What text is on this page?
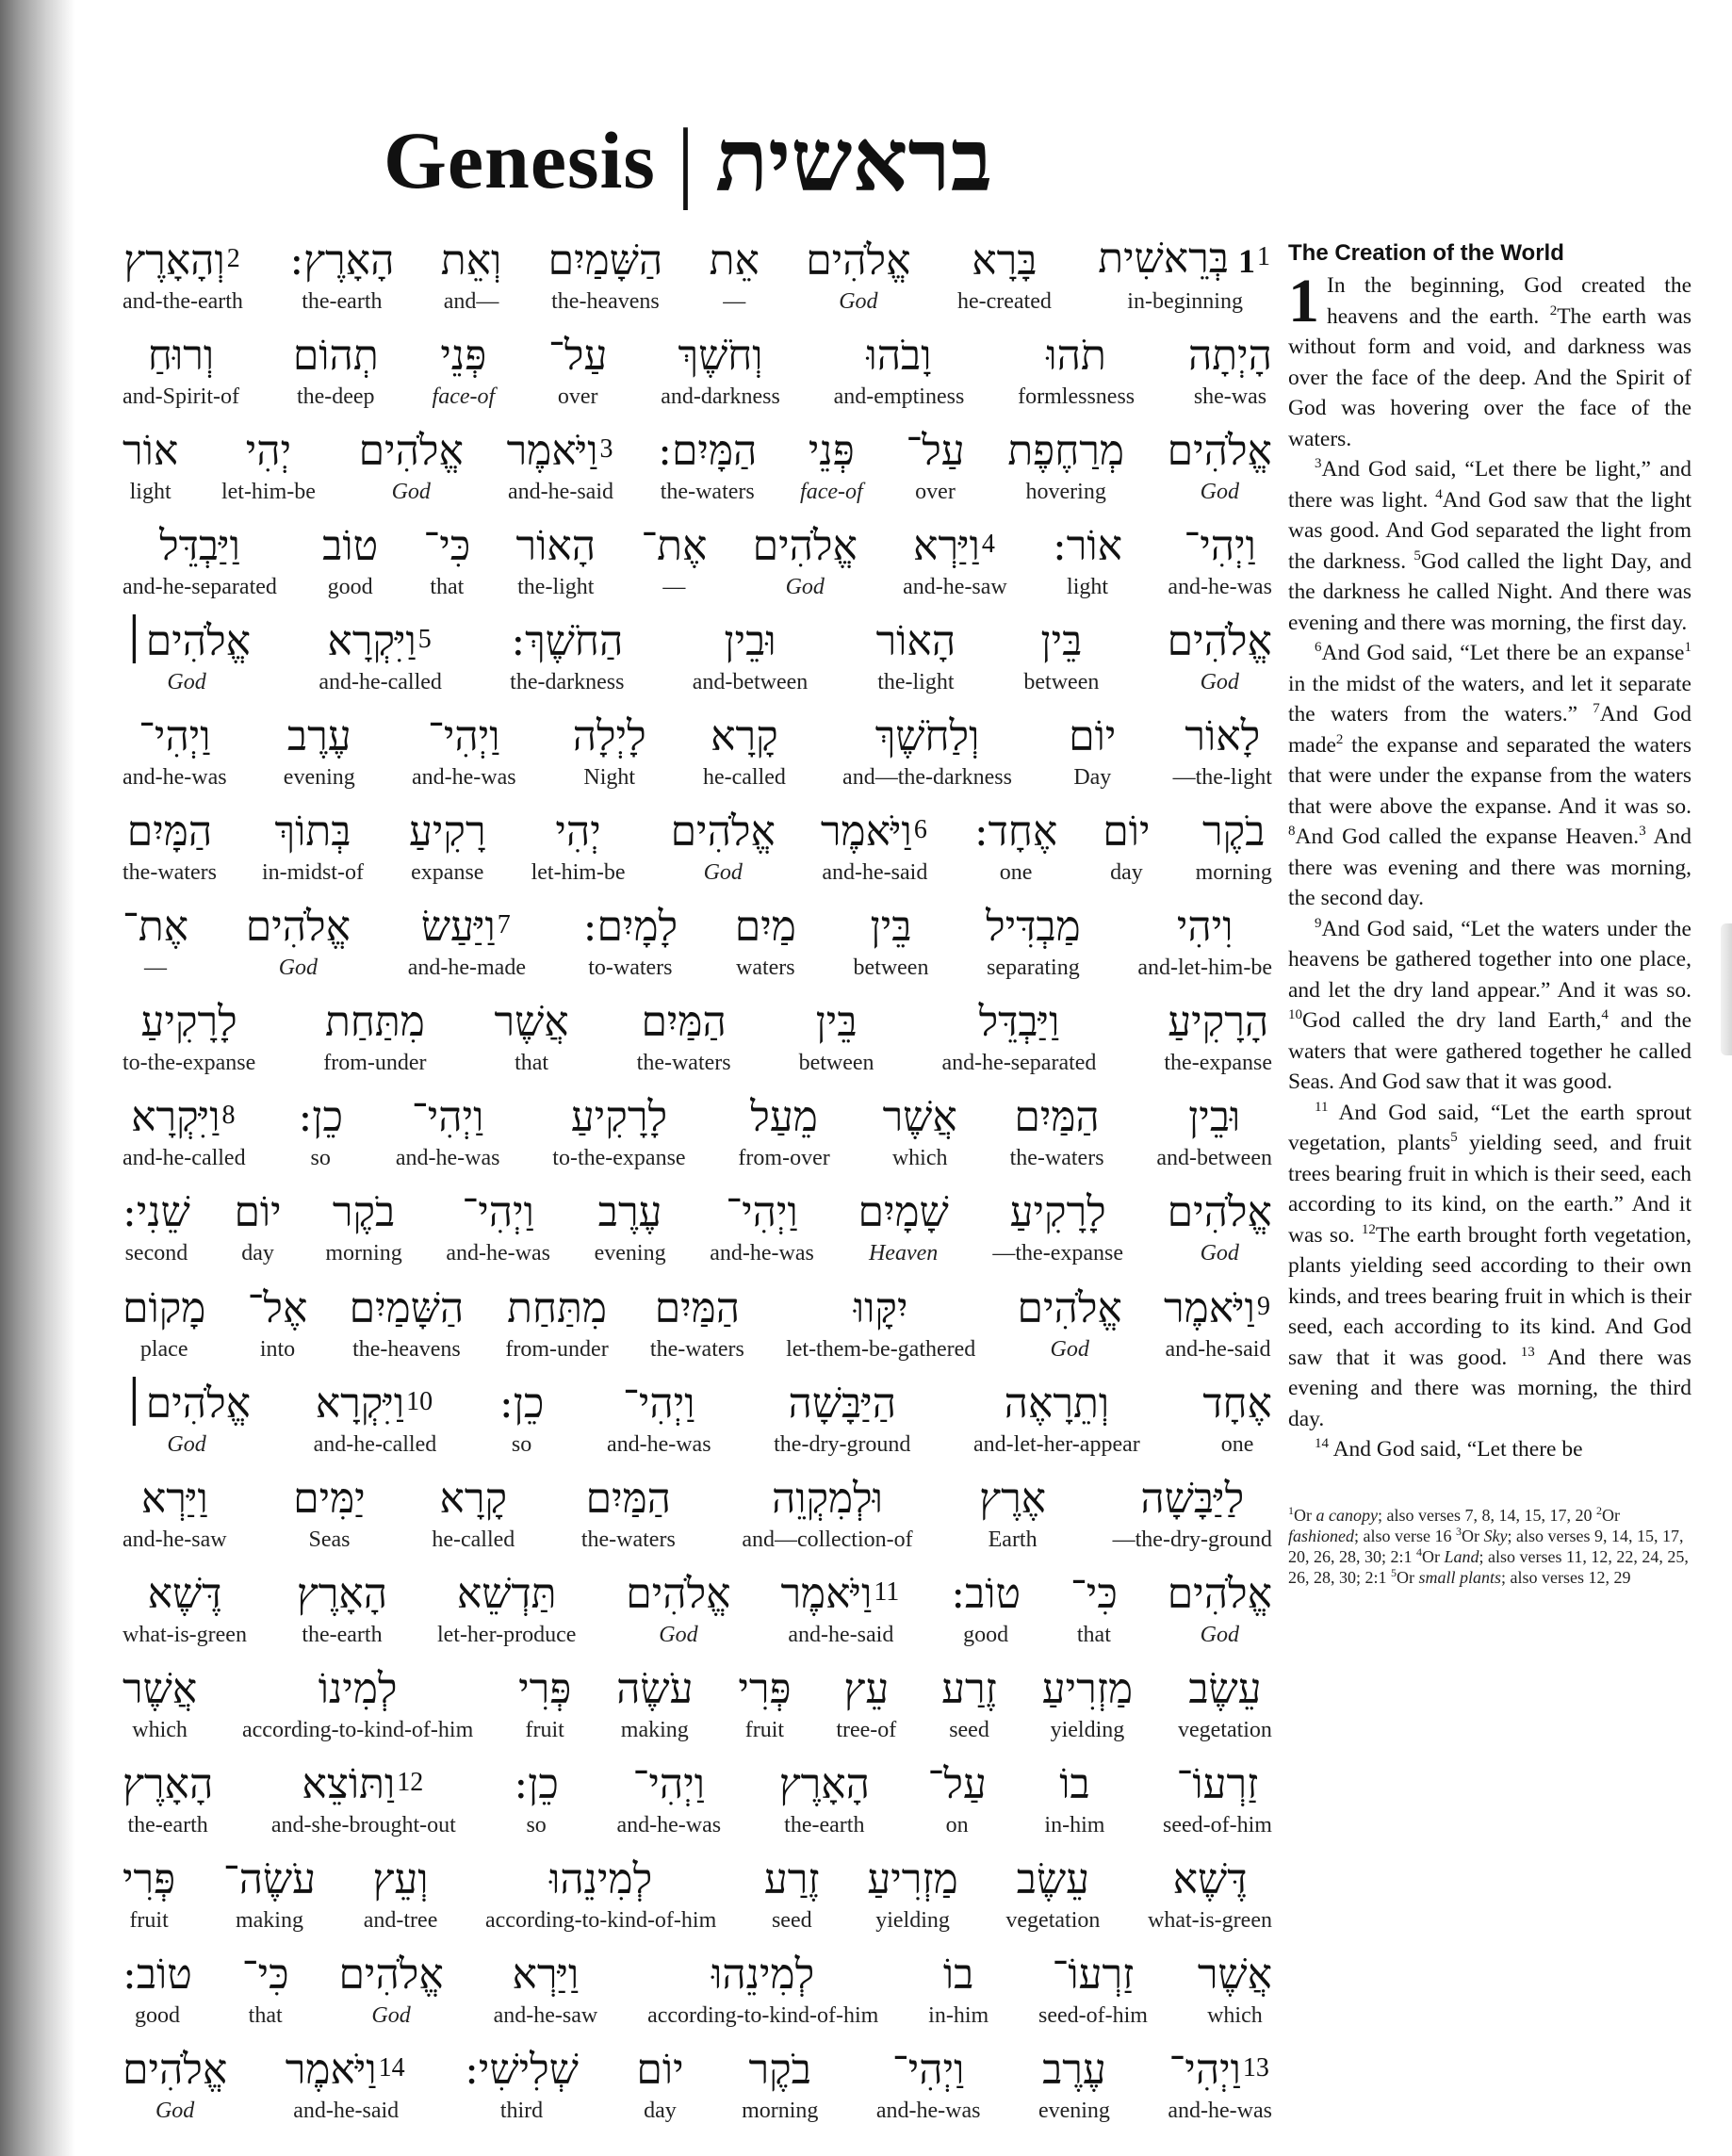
Genesis | בראשית
11בְּרֵאשִׁית
in-beginning
בָּרָא
he-created
אֱלֹהִים
God
אֵת
—
הַשָּׁמַיִם
the-heavens
וְאֵת
and—
הָאָרֶץ:
the-earth
2וְהָאָרֶץ
and-the-earth
הָיְתָה
she-was
תֹהוּ
formlessness
וָבֹהוּ
and-emptiness
וְחֹשֶׁךְ
and-darkness
עַל־
over
פְּנֵי
face-of
תְהוֹם
the-deep
וְרוּחַ
and-Spirit-of
אֱלֹהִים
God
מְרַחֶפֶת
hovering
עַל־
over
פְּנֵי
face-of
הַמָּיִם:
the-waters
3וַיֹּאמֶר
and-he-said
אֱלֹהִים
God
יְהִי
let-him-be
אוֹר
light
וַיְהִי־
and-he-was
אוֹר:
light
4וַיַּרְא
and-he-saw
אֱלֹהִים
God
אֶת־
—
הָאוֹר
the-light
כִּי־
that
טוֹב
good
וַיַּבְדֵּל
and-he-separated
אֱלֹהִים
God
בֵּין
between
הָאוֹר
the-light
וּבֵין
and-between
הַחֹשֶׁךְ:
the-darkness
5וַיִּקְרָא
and-he-called
אֱלֹהִים׀
God
לָאוֹר
—the-light
יוֹם
Day
וְלַחֹשֶׁךְ
and—the-darkness
קָרָא
he-called
לָיְלָה
Night
וַיְהִי־
and-he-was
עֶרֶב
evening
וַיְהִי־
and-he-was
בֹקֶר
morning
יוֹם
day
אֶחָד:
one
6וַיֹּאמֶר
and-he-said
אֱלֹהִים
God
יְהִי
let-him-be
רָקִיעַ
expanse
בְּתוֹךְ
in-midst-of
הַמָּיִם
the-waters
וִיהִי
and-let-him-be
מַבְדִּיל
separating
בֵּין
between
מַיִם
waters
לָמָיִם:
to-waters
7וַיַּעַשׂ
and-he-made
אֱלֹהִים
God
אֶת־
—
הָרָקִיעַ
the-expanse
וַיַּבְדֵּל
and-he-separated
בֵּין
between
הַמַּיִם
the-waters
אֲשֶׁר
that
מִתַּחַת
from-under
לָרָקִיעַ
to-the-expanse
וּבֵין
and-between
הַמַּיִם
the-waters
אֲשֶׁר
which
מֵעַל
from-over
לָרָקִיעַ
to-the-expanse
וַיְהִי־
and-he-was
כֵן:
so
8וַיִּקְרָא
and-he-called
אֱלֹהִים
God
לָרָקִיעַ
—the-expanse
שָׁמָיִם
Heaven
וַיְהִי־
and-he-was
עֶרֶב
evening
וַיְהִי־
and-he-was
בֹקֶר
morning
יוֹם
day
שֵׁנִי:
second
9וַיֹּאמֶר
and-he-said
אֱלֹהִים
God
יִקָּווּ
let-them-be-gathered
הַמַּיִם
the-waters
מִתַּחַת
from-under
הַשָּׁמַיִם
the-heavens
אֶל־
into
מָקוֹם
place
אֶחָד
one
וְתֵרָאֶה
and-let-her-appear
הַיַּבָּשָׁה
the-dry-ground
וַיְהִי־
and-he-was
כֵן:
so
10וַיִּקְרָא
and-he-called
אֱלֹהִים׀
God
לַיַּבָּשָׁה
—the-dry-ground
אֶרֶץ
Earth
וּלְמִקְוֵה
and—collection-of
הַמַּיִם
the-waters
קָרָא
he-called
יַמִּים
Seas
וַיַּרְא
and-he-saw
אֱלֹהִים
God
כִּי־
that
טוֹב:
good
11וַיֹּאמֶר
and-he-said
אֱלֹהִים
God
תַּדְשֵׁא
let-her-produce
הָאָרֶץ
the-earth
דֶּשֶׁא
what-is-green
עֵשֶׂב
vegetation
מַזְרִיעַ
yielding
זֶרַע
seed
עֵץ
tree-of
פְּרִי
fruit
עֹשֶׂה
making
פְּרִי
fruit
לְמִינוֹ
according-to-kind-of-him
אֲשֶׁר
which
זַרְעוֹ־
seed-of-him
בוֹ
in-him
עַל־
on
הָאָרֶץ
the-earth
וַיְהִי־
and-he-was
כֵן:
so
12וַתּוֹצֵא
and-she-brought-out
הָאָרֶץ
the-earth
דֶּשֶׁא
what-is-green
עֵשֶׂב
vegetation
מַזְרִיעַ
yielding
זֶרַע
seed
לְמִינֵהוּ
according-to-kind-of-him
וְעֵץ
and-tree
עֹשֶׂה־
making
פְּרִי
fruit
אֲשֶׁר
which
זַרְעוֹ־
seed-of-him
בוֹ
in-him
לְמִינֵהוּ
according-to-kind-of-him
וַיַּרְא
and-he-saw
אֱלֹהִים
God
כִּי־
that
טוֹב:
good
13וַיְהִי־
and-he-was
עֶרֶב
evening
וַיְהִי־
and-he-was
בֹקֶר
morning
יוֹם
day
שְׁלִישִׁי:
third
14וַיֹּאמֶר
and-he-said
אֱלֹהִים
God
The Creation of the World

1 In the beginning, God created the heavens and the earth. $^2$The earth was without form and void, and darkness was over the face of the deep. And the Spirit of God was hovering over the face of the waters.

$^3$And God said, “Let there be light,” and there was light. $^4$And God saw that the light was good. And God separated the light from the darkness. $^5$God called the light Day, and the darkness he called Night. And there was evening and there was morning, the first day.

$^6$And God said, “Let there be an expanse$^1$ in the midst of the waters, and let it separate the waters from the waters.” $^7$And God made$^2$ the expanse and separated the waters that were under the expanse from the waters that were above the expanse. And it was so. $^8$And God called the expanse Heaven.$^3$ And there was evening and there was morning, the second day.

$^9$And God said, “Let the waters under the heavens be gathered together into one place, and let the dry land appear.” And it was so. $^{10}$God called the dry land Earth,$^4$ and the waters that were gathered together he called Seas. And God saw that it was good.

$^{11}$ And God said, “Let the earth sprout vegetation, plants$^5$ yielding seed, and fruit trees bearing fruit in which is their seed, each according to its kind, on the earth.” And it was so. $^{12}$The earth brought forth vegetation, plants yielding seed according to their own kinds, and trees bearing fruit in which is their seed, each according to its kind. And God saw that it was good. $^{13}$ And there was evening and there was morning, the third day.

$^{14}$ And God said, “Let there be

$^1$Or a canopy; also verses 7, 8, 14, 15, 17, 20 $^2$Or fashioned; also verse 16 $^3$Or Sky; also verses 9, 14, 15, 17, 20, 26, 28, 30; 2:1 $^4$Or Land; also verses 11, 12, 22, 24, 25, 26, 28, 30; 2:1 $^5$Or small plants; also verses 12, 29
